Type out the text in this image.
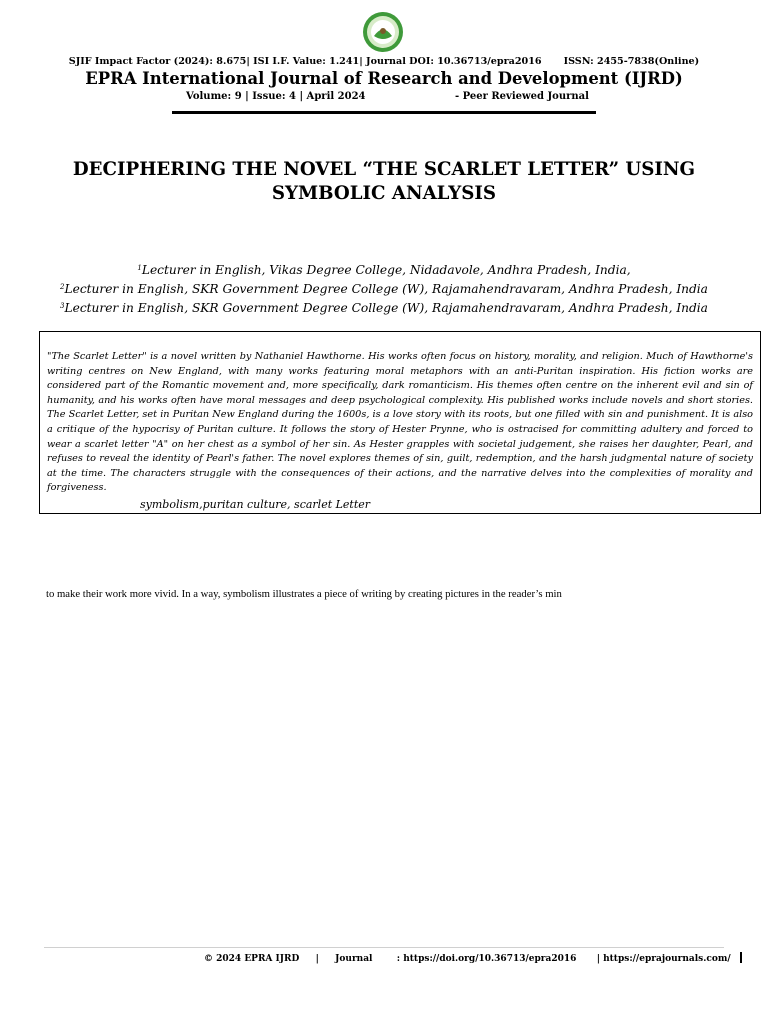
SJIF Impact Factor (2024): 8.675| ISI I.F. Value: 1.241| Journal DOI: 10.36713/epra2016 ISSN: 2455-7838(Online)
EPRA International Journal of Research and Development (IJRD)
Volume: 9 | Issue: 4 | April 2024	- Peer Reviewed Journal
DECIPHERING THE NOVEL “THE SCARLET LETTER” USING SYMBOLIC ANALYSIS
$^1$Lecturer in English, Vikas Degree College, Nidadavole, Andhra Pradesh, India,
$^2$Lecturer in English, SKR Government Degree College (W), Rajamahendravaram, Andhra Pradesh, India
$^3$Lecturer in English, SKR Government Degree College (W), Rajamahendravaram, Andhra Pradesh, India
"The Scarlet Letter" is a novel written by Nathaniel Hawthorne. His works often focus on history, morality, and religion. Much of Hawthorne's writing centres on New England, with many works featuring moral metaphors with an anti-Puritan inspiration. His fiction works are considered part of the Romantic movement and, more specifically, dark romanticism. His themes often centre on the inherent evil and sin of humanity, and his works often have moral messages and deep psychological complexity. His published works include novels and short stories. The Scarlet Letter, set in Puritan New England during the 1600s, is a love story with its roots, but one filled with sin and punishment. It is also a critique of the hypocrisy of Puritan culture. It follows the story of Hester Prynne, who is ostracised for committing adultery and forced to wear a scarlet letter "A" on her chest as a symbol of her sin. As Hester grapples with societal judgement, she raises her daughter, Pearl, and refuses to reveal the identity of Pearl's father. The novel explores themes of sin, guilt, redemption, and the harsh judgmental nature of society at the time. The characters struggle with the consequences of their actions, and the narrative delves into the complexities of morality and forgiveness.
symbolism,puritan culture, scarlet Letter
to make their work more vivid. In a way, symbolism illustrates a piece of writing by creating pictures in the reader’s min
© 2024 EPRA IJRD | Journal	: https://doi.org/10.36713/epra2016 | https://eprajournals.com/
